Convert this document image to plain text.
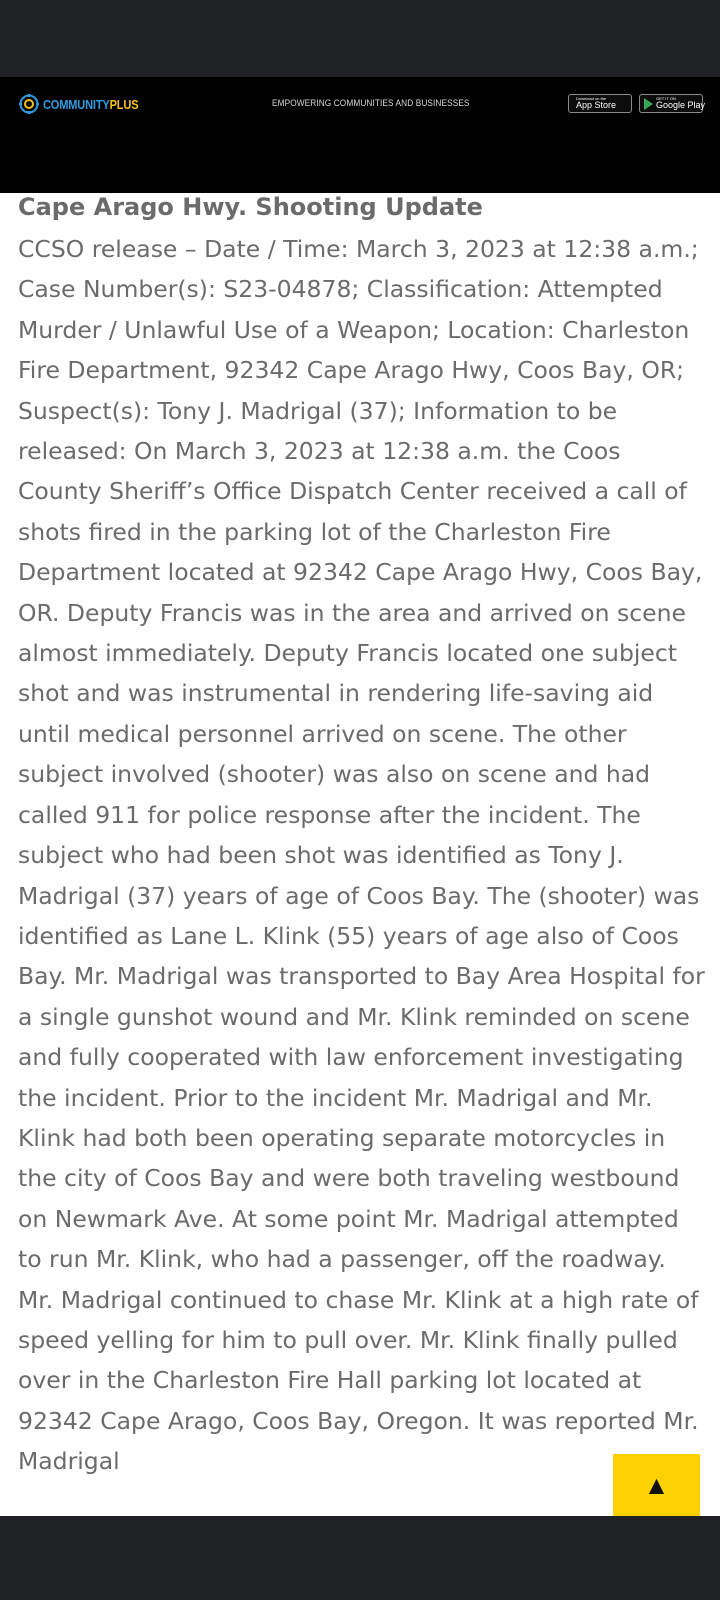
COMMUNITYPLUS	EMPOWERING COMMUNITIES AND BUSINESSES	Download on the
App Store
GET IT ON
Google Play
Cape Arago Hwy. Shooting Update

CCSO release – Date / Time: March 3, 2023 at 12:38 a.m.; Case Number(s): S23-04878; Classification: Attempted Murder / Unlawful Use of a Weapon; Location: Charleston Fire Department, 92342 Cape Arago Hwy, Coos Bay, OR; Suspect(s): Tony J. Madrigal (37); Information to be released: On March 3, 2023 at 12:38 a.m. the Coos County Sheriff’s Office Dispatch Center received a call of shots fired in the parking lot of the Charleston Fire Department located at 92342 Cape Arago Hwy, Coos Bay, OR. Deputy Francis was in the area and arrived on scene almost immediately. Deputy Francis located one subject shot and was instrumental in rendering life-saving aid until medical personnel arrived on scene. The other subject involved (shooter) was also on scene and had called 911 for police response after the incident. The subject who had been shot was identified as Tony J. Madrigal (37) years of age of Coos Bay. The (shooter) was identified as Lane L. Klink (55) years of age also of Coos Bay. Mr. Madrigal was transported to Bay Area Hospital for a single gunshot wound and Mr. Klink reminded on scene and fully cooperated with law enforcement investigating the incident. Prior to the incident Mr. Madrigal and Mr. Klink had both been operating separate motorcycles in the city of Coos Bay and were both traveling westbound on Newmark Ave. At some point Mr. Madrigal attempted to run Mr. Klink, who had a passenger, off the roadway. Mr. Madrigal continued to chase Mr. Klink at a high rate of speed yelling for him to pull over. Mr. Klink finally pulled over in the Charleston Fire Hall parking lot located at 92342 Cape Arago, Coos Bay, Oregon. It was reported Mr. Madrigal

▲
